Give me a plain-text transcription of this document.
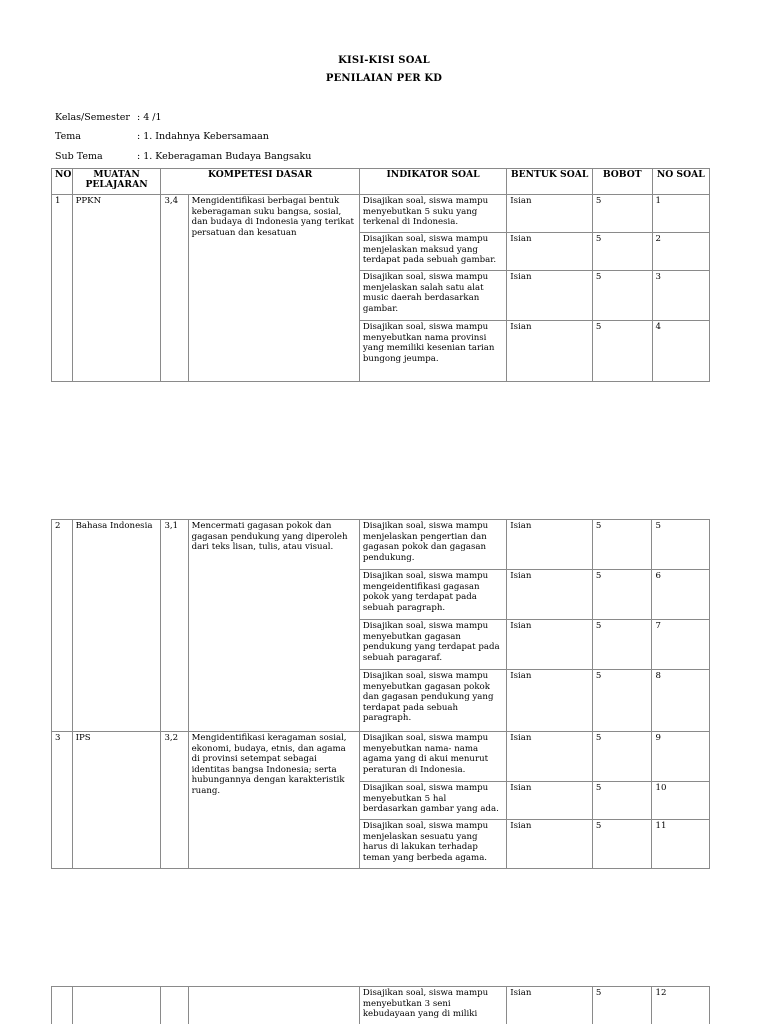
KISI-KISI SOAL
PENILAIAN PER KD
Kelas/Semester : 4 /1
Tema	: 1. Indahnya Kebersamaan
Sub Tema	: 1. Keberagaman Budaya Bangsaku
NO	MUATAN PELAJARAN	KOMPETESI DASAR		INDIKATOR SOAL	BENTUK SOAL	BOBOT	NO SOAL
1	PPKN	3,4	Mengidentifikasi berbagai bentuk keberagaman suku bangsa, sosial, dan budaya di Indonesia yang terikat persatuan dan kesatuan	Disajikan soal, siswa mampu menyebutkan 5 suku yang terkenal di Indonesia.	Isian	5	1
				Disajikan soal, siswa mampu menjelaskan maksud yang terdapat pada sebuah gambar.	Isian	5	2
				Disajikan soal, siswa mampu menjelaskan salah satu alat music daerah berdasarkan gambar.	Isian	5	3
				Disajikan soal, siswa mampu menyebutkan nama provinsi yang memiliki kesenian tarian bungong jeumpa.	Isian	5	4
2	Bahasa Indonesia	3,1	Mencermati gagasan pokok dan gagasan pendukung yang diperoleh dari teks lisan, tulis, atau visual.	Disajikan soal, siswa mampu menjelaskan pengertian dan gagasan pokok dan gagasan pendukung.	Isian	5	5
				Disajikan soal, siswa mampu mengeidentifikasi gagasan pokok yang terdapat pada sebuah paragraph.	Isian	5	6
				Disajikan soal, siswa mampu menyebutkan gagasan pendukung yang terdapat pada sebuah paragaraf.	Isian	5	7
				Disajikan soal, siswa mampu menyebutkan gagasan pokok dan gagasan pendukung yang terdapat pada sebuah paragraph.	Isian	5	8
3	IPS	3,2	Mengidentifikasi keragaman sosial, ekonomi, budaya, etnis, dan agama di provinsi setempat sebagai identitas bangsa Indonesia; serta hubungannya dengan karakteristik ruang.	Disajikan soal, siswa mampu menyebutkan nama- nama agama yang di akui menurut peraturan di Indonesia.	Isian	5	9
				Disajikan soal, siswa mampu menyebutkan 5 hal berdasarkan gambar yang ada.	Isian	5	10
				Disajikan soal, siswa mampu menjelaskan sesuatu yang harus di lakukan terhadap teman yang berbeda agama.	Isian	5	11
				Disajikan soal, siswa mampu menyebutkan 3 seni kebudayaan yang di miliki	Isian	5	12
